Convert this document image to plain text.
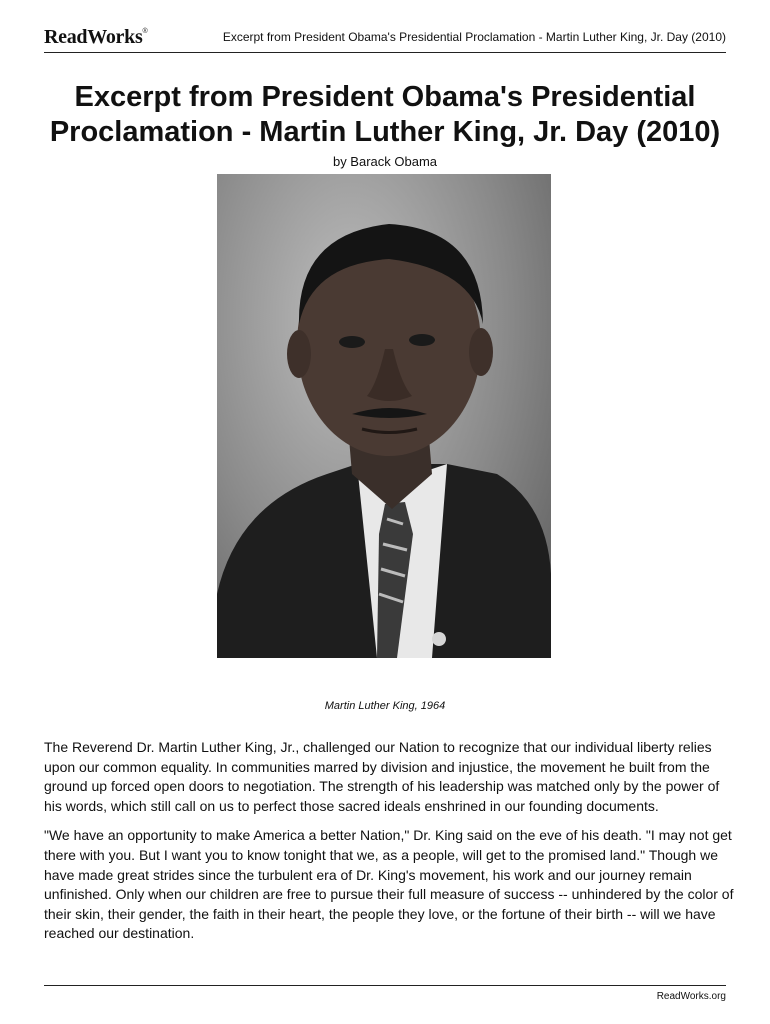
ReadWorks®	Excerpt from President Obama's Presidential Proclamation - Martin Luther King, Jr. Day (2010)
Excerpt from President Obama's Presidential Proclamation - Martin Luther King, Jr. Day (2010)
by Barack Obama
Martin Luther King, 1964

The Reverend Dr. Martin Luther King, Jr., challenged our Nation to recognize that our individual liberty relies upon our common equality. In communities marred by division and injustice, the movement he built from the ground up forced open doors to negotiation. The strength of his leadership was matched only by the power of his words, which still call on us to perfect those sacred ideals enshrined in our founding documents.

"We have an opportunity to make America a better Nation," Dr. King said on the eve of his death. "I may not get there with you. But I want you to know tonight that we, as a people, will get to the promised land." Though we have made great strides since the turbulent era of Dr. King's movement, his work and our journey remain unfinished. Only when our children are free to pursue their full measure of success -- unhindered by the color of their skin, their gender, the faith in their heart, the people they love, or the fortune of their birth -- will we have reached our destination.

ReadWorks.org
